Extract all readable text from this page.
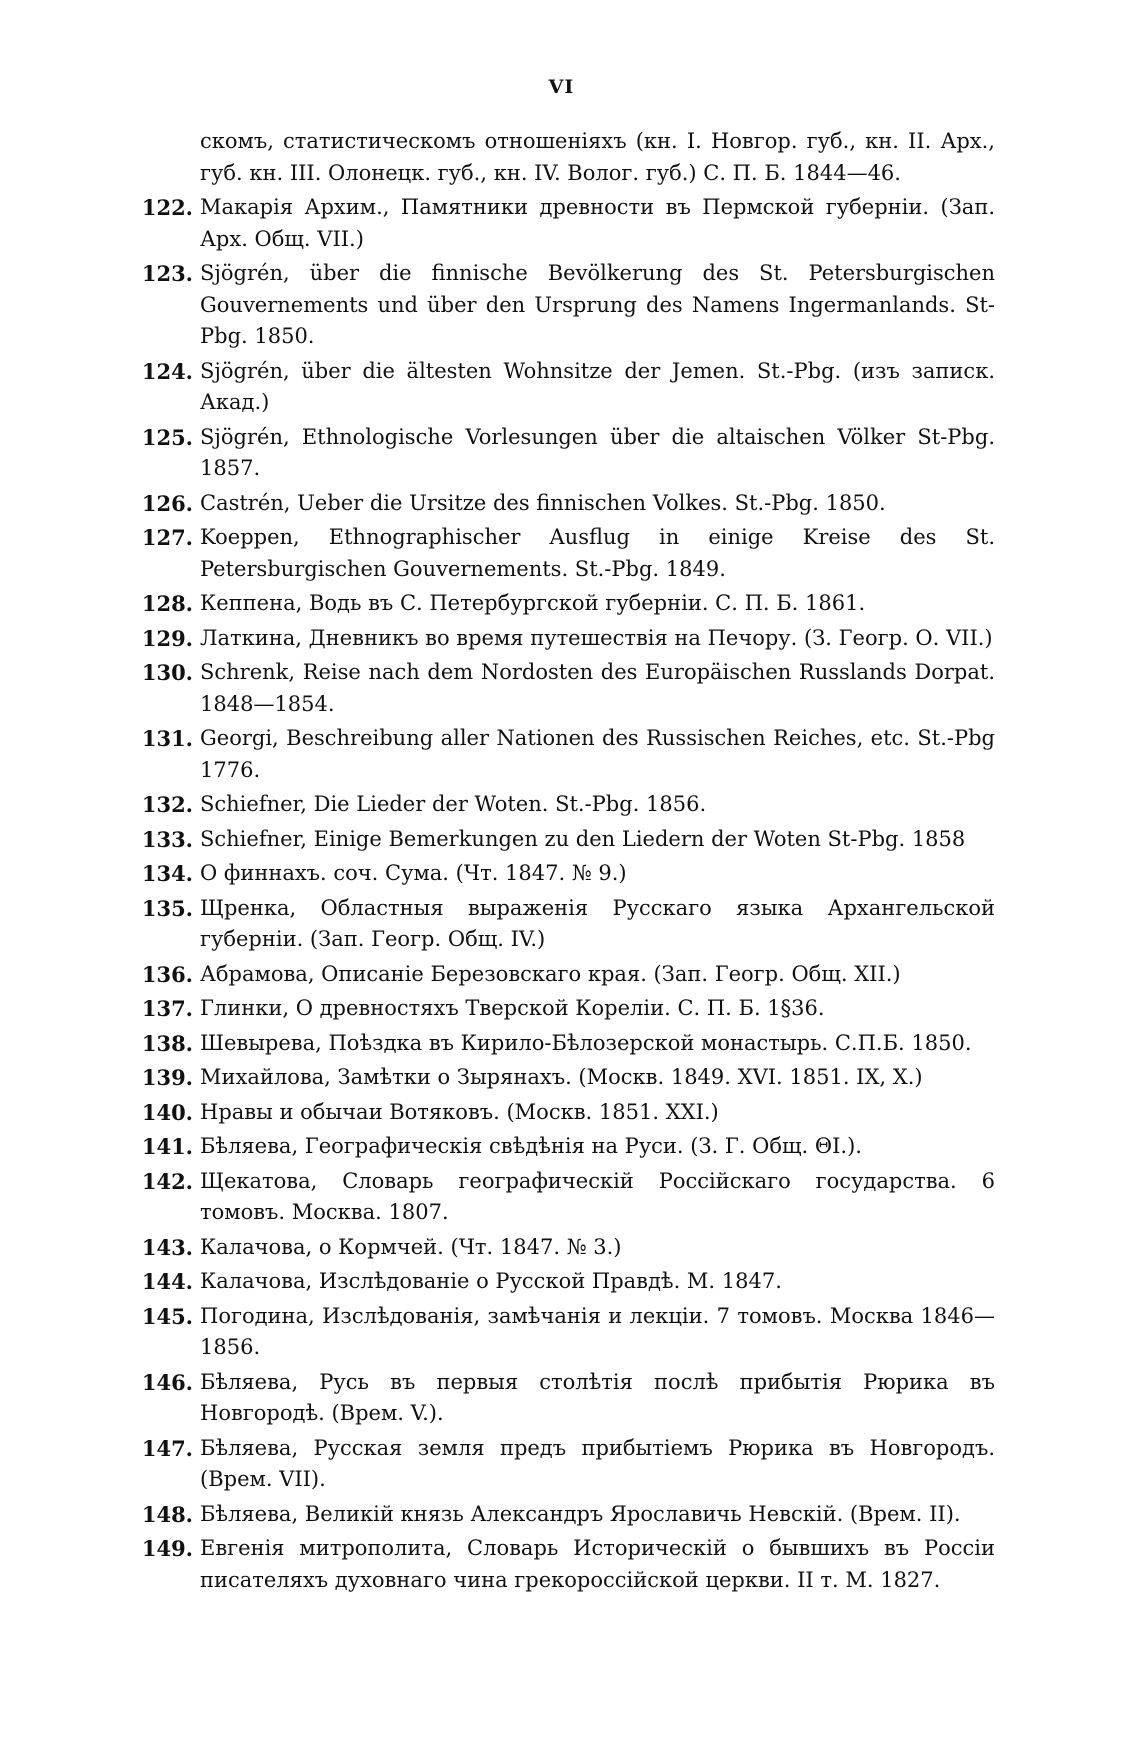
VI
скомъ, статистическомъ отношеніяхъ (кн. I. Новгор. губ., кн. II. Арх., губ. кн. III. Олонецк. губ., кн. IV. Волог. губ.) С. П. Б. 1844—46.
122. Макарія Архим., Памятники древности въ Пермской губерніи. (Зап. Арх. Общ. VII.)
123. Sjögrén, über die finnische Bevölkerung des St. Petersburgischen Gouvernements und über den Ursprung des Namens Ingermanlands. St-Pbg. 1850.
124. Sjögrén, über die ältesten Wohnsitze der Jemen. St.-Pbg. (изъ записк. Акад.)
125. Sjögrén, Ethnologische Vorlesungen über die altaischen Völker St-Pbg. 1857.
126. Castrén, Ueber die Ursitze des finnischen Volkes. St.-Pbg. 1850.
127. Koeppen, Ethnographischer Ausflug in einige Kreise des St. Petersburgischen Gouvernements. St.-Pbg. 1849.
128. Кеппена, Водь въ С. Петербургской губерніи. С. П. Б. 1861.
129. Латкина, Дневникъ во время путешествія на Печору. (З. Геогр. О. VII.)
130. Schrenk, Reise nach dem Nordosten des Europäischen Russlands Dorpat. 1848—1854.
131. Georgi, Beschreibung aller Nationen des Russischen Reiches, etc. St.-Pbg 1776.
132. Schiefner, Die Lieder der Woten. St.-Pbg. 1856.
133. Schiefner, Einige Bemerkungen zu den Liedern der Woten St-Pbg. 1858
134. О финнахъ. соч. Сума. (Чт. 1847. № 9.)
135. Щренка, Областныя выраженія Русскаго языка Архангельской губерніи. (Зап. Геогр. Общ. IV.)
136. Абрамова, Описаніе Березовскаго края. (Зап. Геогр. Общ. XII.)
137. Глинки, О древностяхъ Тверской Кореліи. С. П. Б. 1§36.
138. Шевырева, Поѣздка въ Кирило-Бѣлозерской монастырь. С.П.Б. 1850.
139. Михайлова, Замѣтки о Зырянахъ. (Москв. 1849. XVI. 1851. IX, X.)
140. Нравы и обычаи Вотяковъ. (Москв. 1851. XXI.)
141. Бѣляева, Географическія свѣдѣнія на Руси. (З. Г. Общ. ΘI.).
142. Щекатова, Словарь географическій Россійскаго государства. 6 томовъ. Москва. 1807.
143. Калачова, о Кормчей. (Чт. 1847. № 3.)
144. Калачова, Изслѣдованіе о Русской Правдѣ. М. 1847.
145. Погодина, Изслѣдованія, замѣчанія и лекціи. 7 томовъ. Москва 1846—1856.
146. Бѣляева, Русь въ первыя столѣтія послѣ прибытія Рюрика въ Новгородѣ. (Врем. V.).
147. Бѣляева, Русская земля предъ прибытіемъ Рюрика въ Новгородъ. (Врем. VII).
148. Бѣляева, Великій князь Александръ Ярославичь Невскій. (Врем. II).
149. Евгенія митрополита, Словарь Историческій о бывшихъ въ Россіи писателяхъ духовнаго чина грекороссійской церкви. II т. М. 1827.
